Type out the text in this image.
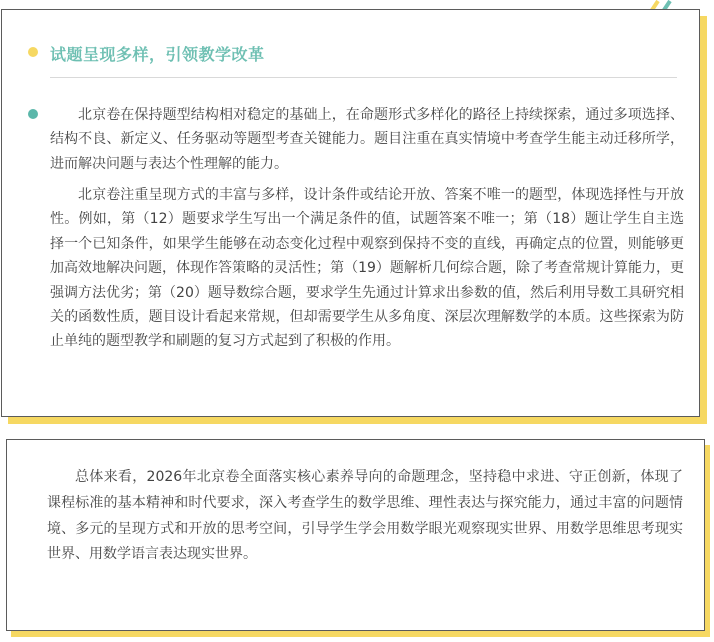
试题呈现多样，引领教学改革

北京卷在保持题型结构相对稳定的基础上，在命题形式多样化的路径上持续探索，通过多项选择、结构不良、新定义、任务驱动等题型考查关键能力。题目注重在真实情境中考查学生能主动迁移所学，进而解决问题与表达个性理解的能力。

北京卷注重呈现方式的丰富与多样，设计条件或结论开放、答案不唯一的题型，体现选择性与开放性。例如，第（12）题要求学生写出一个满足条件的值，试题答案不唯一；第（18）题让学生自主选择一个已知条件，如果学生能够在动态变化过程中观察到保持不变的直线，再确定点的位置，则能够更加高效地解决问题，体现作答策略的灵活性；第（19）题解析几何综合题，除了考查常规计算能力，更强调方法优劣；第（20）题导数综合题，要求学生先通过计算求出参数的值，然后利用导数工具研究相关的函数性质，题目设计看起来常规，但却需要学生从多角度、深层次理解数学的本质。这些探索为防止单纯的题型教学和刷题的复习方式起到了积极的作用。

总体来看，2026年北京卷全面落实核心素养导向的命题理念，坚持稳中求进、守正创新，体现了课程标准的基本精神和时代要求，深入考查学生的数学思维、理性表达与探究能力，通过丰富的问题情境、多元的呈现方式和开放的思考空间，引导学生学会用数学眼光观察现实世界、用数学思维思考现实世界、用数学语言表达现实世界。
